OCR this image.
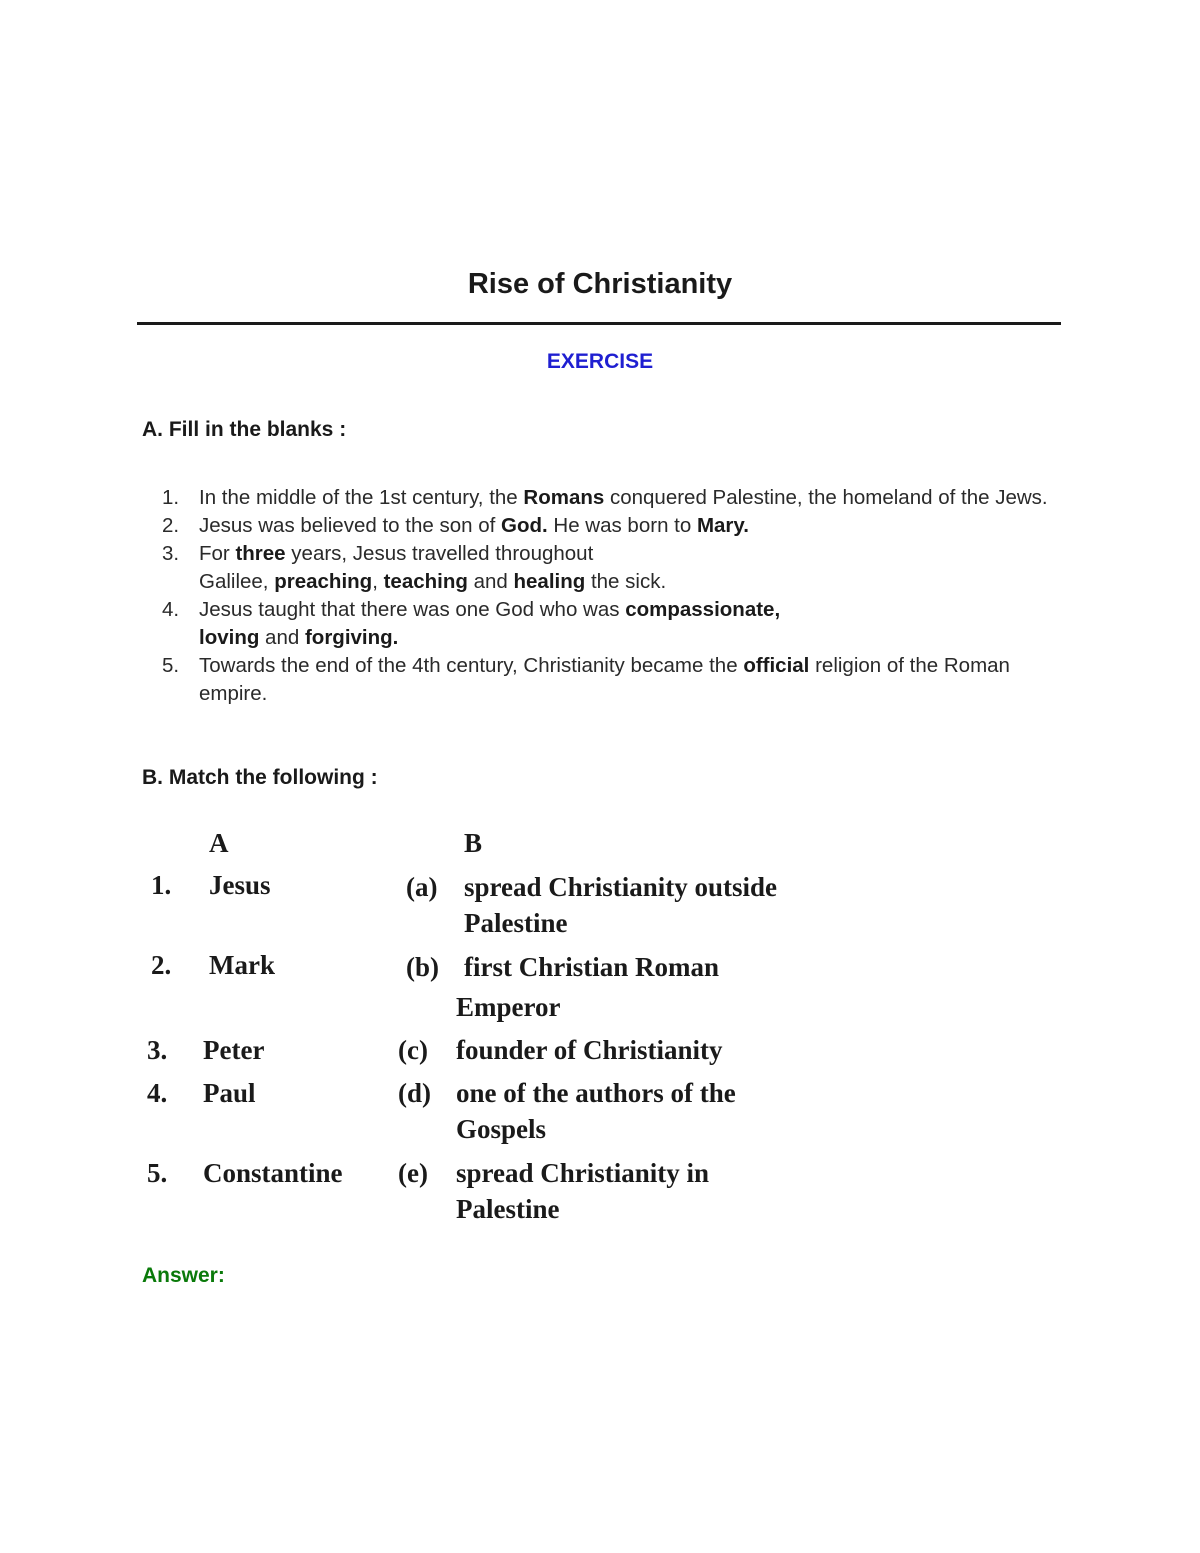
Rise of Christianity
EXERCISE
A. Fill in the blanks :
1. In the middle of the 1st century, the Romans conquered Palestine, the homeland of the Jews.
2. Jesus was believed to the son of God. He was born to Mary.
3. For three years, Jesus travelled throughout
Galilee, preaching, teaching and healing the sick.
4. Jesus taught that there was one God who was compassionate,
loving and forgiving.
5. Towards the end of the 4th century, Christianity became the official religion of the Roman empire.
B. Match the following :
A	B
1. Jesus	(a) spread Christianity outside
Palestine
2. Mark	(b) first Christian Roman
Emperor
3. Peter	(c) founder of Christianity
4. Paul	(d) one of the authors of the
Gospels
5. Constantine (e) spread Christianity in
Palestine
Answer:
